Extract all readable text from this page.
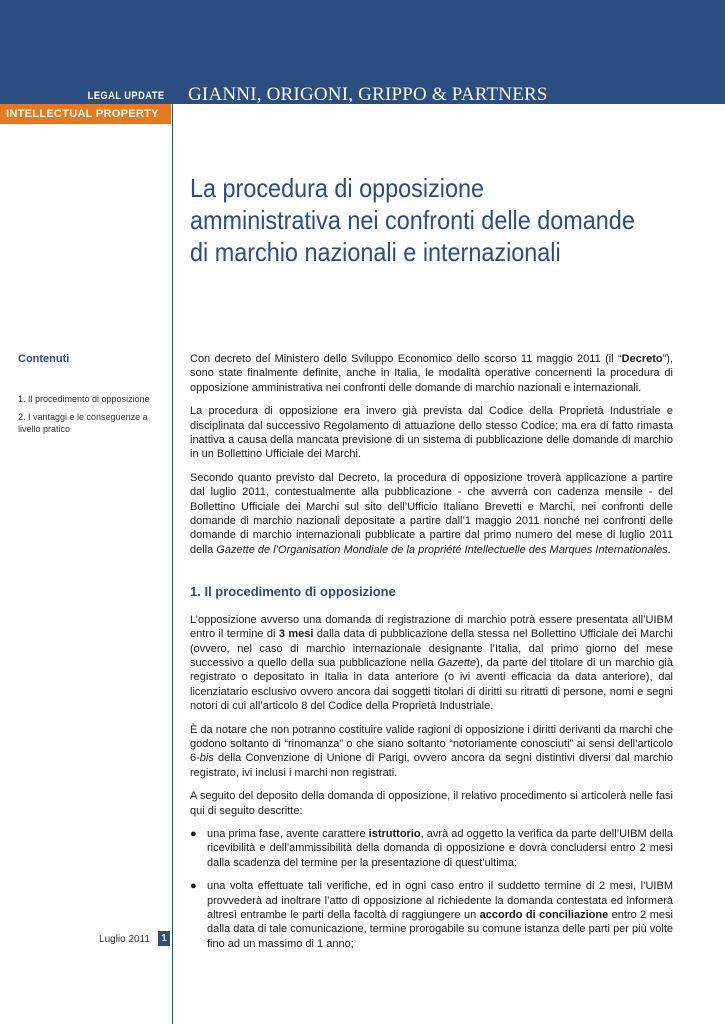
LEGAL UPDATE GIANNI, ORIGONI, GRIPPO & PARTNERS
INTELLECTUAL PROPERTY
La procedura di opposizione amministrativa nei confronti delle domande di marchio nazionali e internazionali
Contenuti
1. Il procedimento di opposizione
2. I vantaggi e le conseguenze a livello pratico

Con decreto del Ministero dello Sviluppo Economico dello scorso 11 maggio 2011 (il “Decreto”), sono state finalmente definite, anche in Italia, le modalità operative concernenti la procedura di opposizione amministrativa nei confronti delle domande di marchio nazionali e internazionali.

La procedura di opposizione era invero già prevista dal Codice della Proprietà Industriale e disciplinata dal successivo Regolamento di attuazione dello stesso Codice; ma era di fatto rimasta inattiva a causa della mancata previsione di un sistema di pubblicazione delle domande di marchio in un Bollettino Ufficiale dei Marchi.

Secondo quanto previsto dal Decreto, la procedura di opposizione troverà applicazione a partire dal luglio 2011, contestualmente alla pubblicazione - che avverrà con cadenza mensile - del Bollettino Ufficiale dei Marchi sul sito dell’Ufficio Italiano Brevetti e Marchi, nei confronti delle domande di marchio nazionali depositate a partire dall’1 maggio 2011 nonché nei confronti delle domande di marchio internazionali pubblicate a partire dal primo numero del mese di luglio 2011 della Gazette de l’Organisation Mondiale de la propriété Intellectuelle des Marques Internationales.

1. Il procedimento di opposizione

L’opposizione avverso una domanda di registrazione di marchio potrà essere presentata all’UIBM entro il termine di 3 mesi dalla data di pubblicazione della stessa nel Bollettino Ufficiale dei Marchi (ovvero, nel caso di marchio internazionale designante l’Italia, dal primo giorno del mese successivo a quello della sua pubblicazione nella Gazette), da parte del titolare di un marchio già registrato o depositato in Italia in data anteriore (o ivi aventi efficacia da data anteriore), dal licenziatario esclusivo ovvero ancora dai soggetti titolari di diritti su ritratti di persone, nomi e segni notori di cui all’articolo 8 del Codice della Proprietà Industriale.

È da notare che non potranno costituire valide ragioni di opposizione i diritti derivanti da marchi che godono soltanto di “rinomanza” o che siano soltanto “notoriamente conosciuti” ai sensi dell’articolo 6-bis della Convenzione di Unione di Parigi, ovvero ancora da segni distintivi diversi dal marchio registrato, ivi inclusi i marchi non registrati.

A seguito del deposito della domanda di opposizione, il relativo procedimento si articolerà nelle fasi qui di seguito descritte:

● una prima fase, avente carattere istruttorio, avrà ad oggetto la verifica da parte dell’UIBM della ricevibilità e dell’ammissibilità della domanda di opposizione e dovrà concludersi entro 2 mesi dalla scadenza del termine per la presentazione di quest’ultima;

● una volta effettuate tali verifiche, ed in ogni caso entro il suddetto termine di 2 mesi, l’UIBM provvederà ad inoltrare l’atto di opposizione al richiedente la domanda contestata ed informerà altresì entrambe le parti della facoltà di raggiungere un accordo di conciliazione entro 2 mesi dalla data di tale comunicazione, termine prorogabile su comune istanza delle parti per più volte fino ad un massimo di 1 anno;

Luglio 2011	1
